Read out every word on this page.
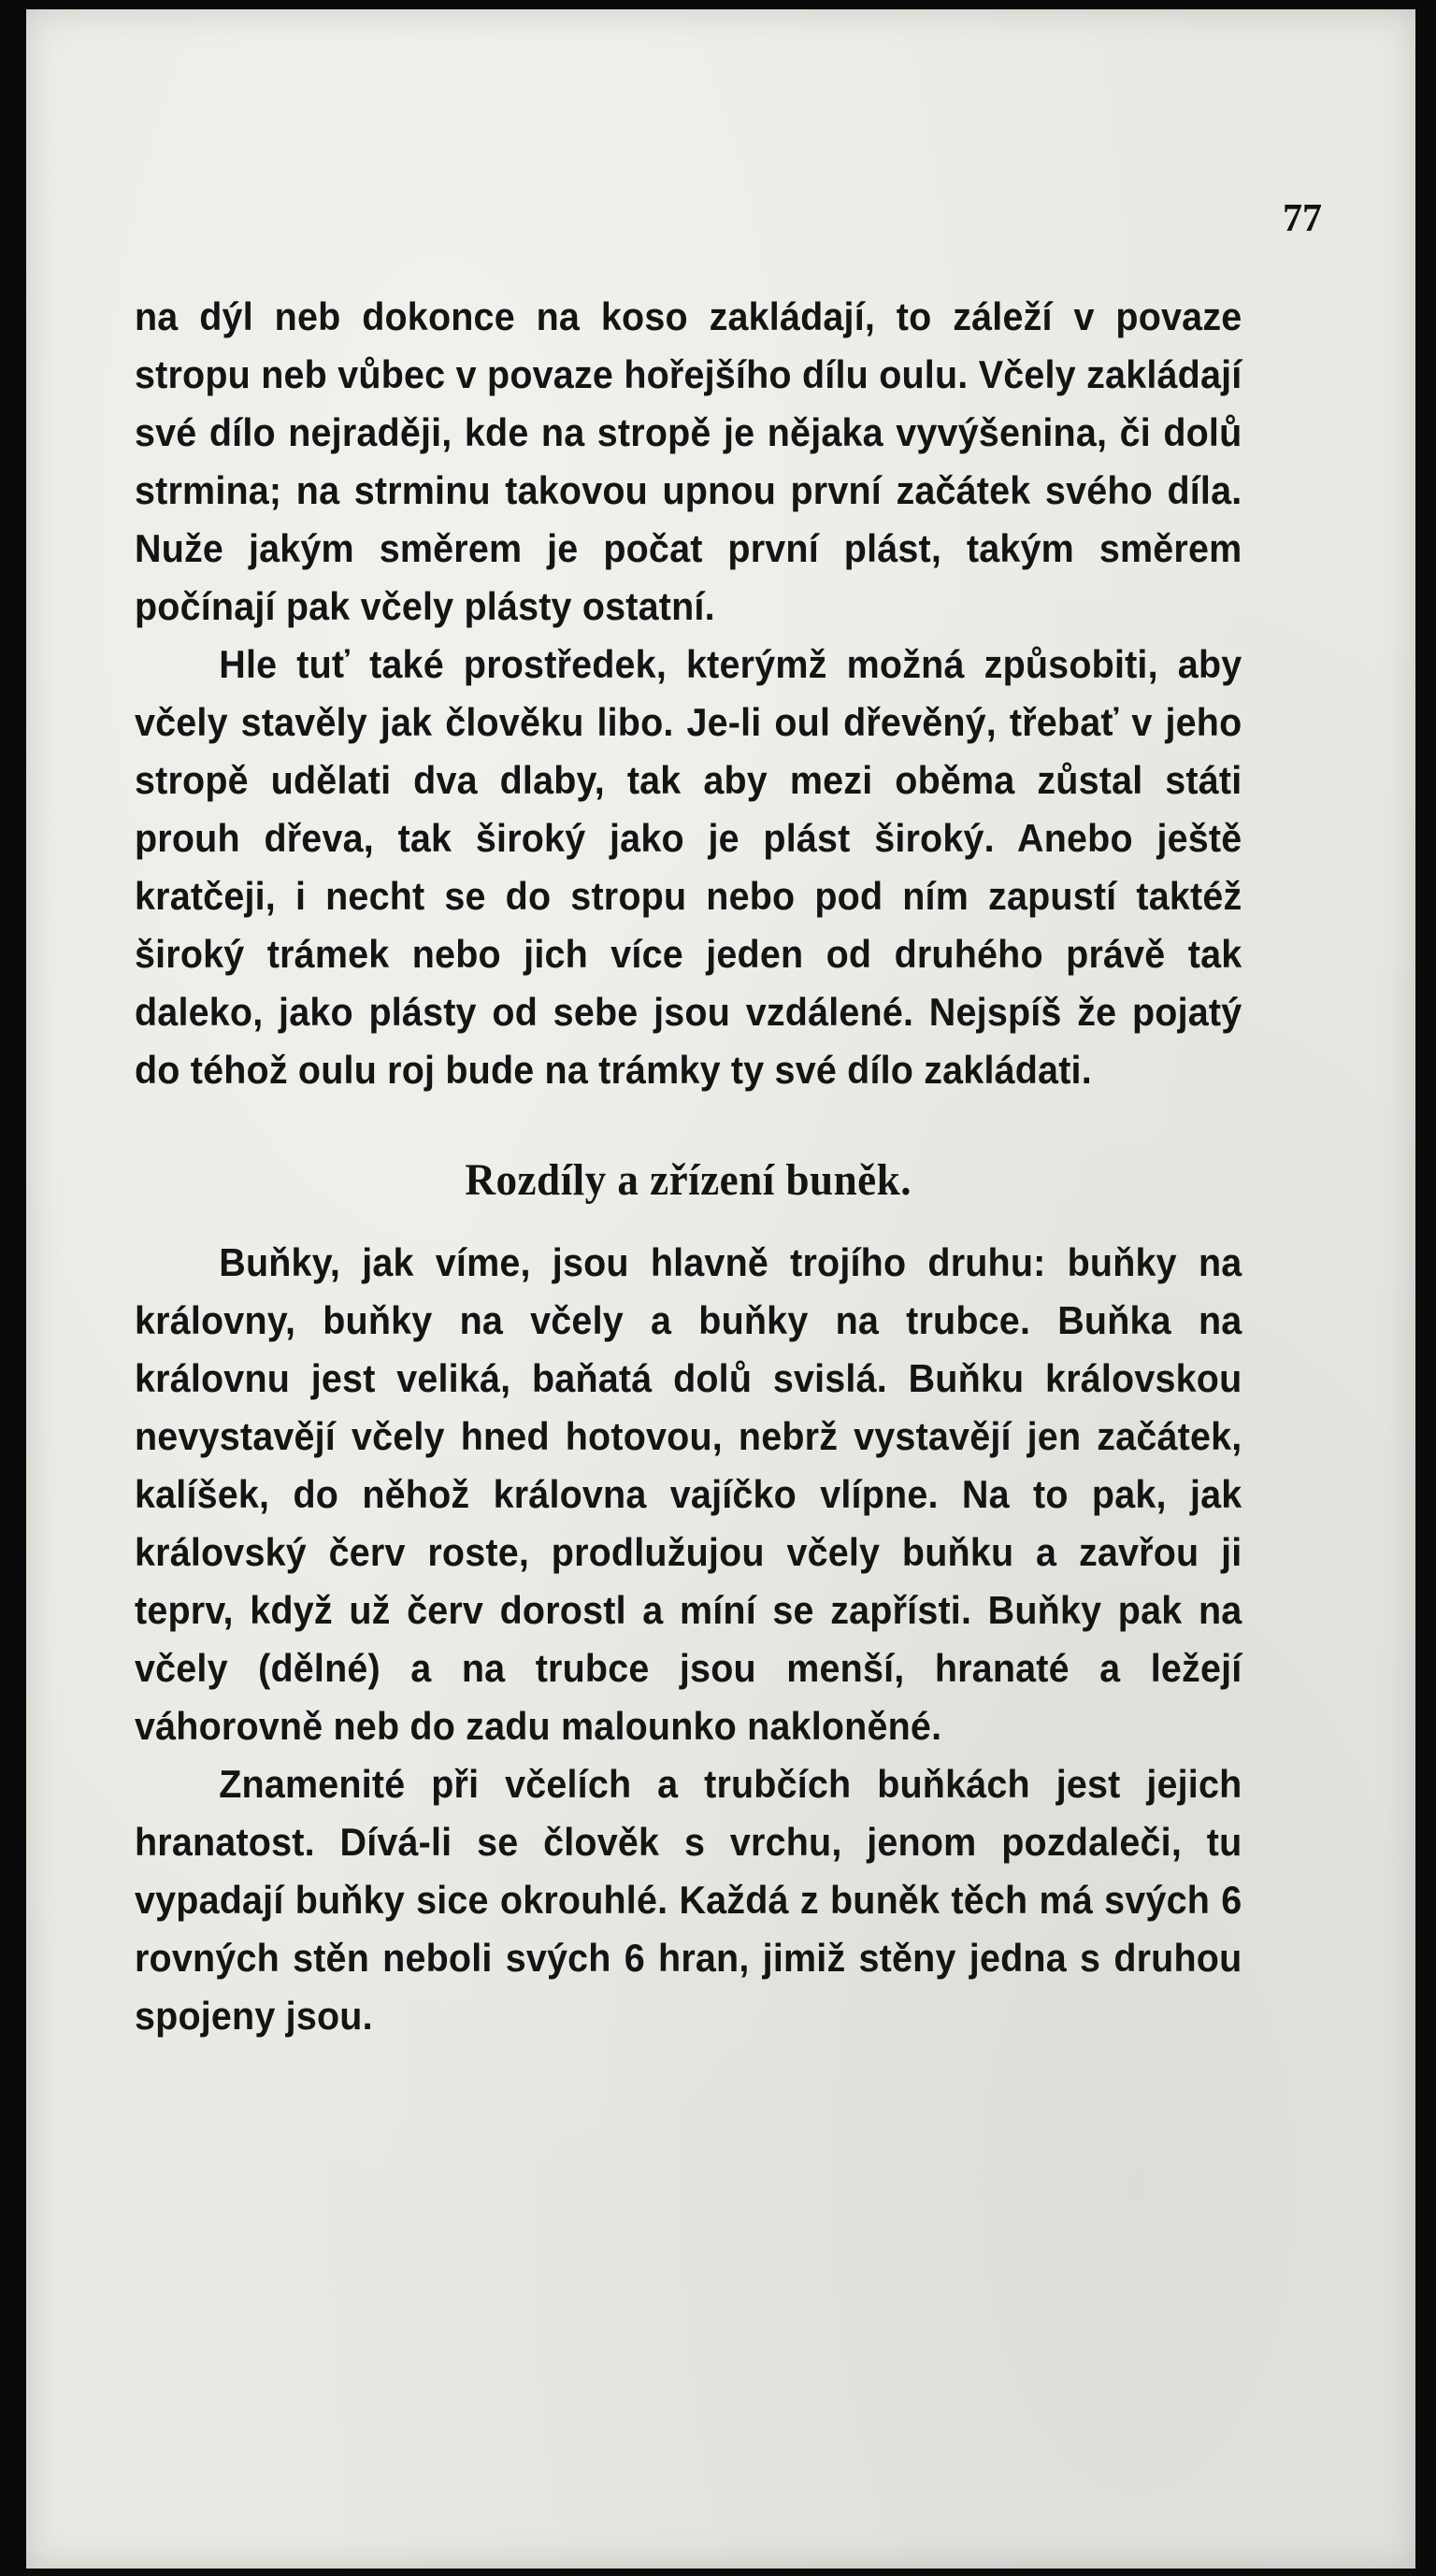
77

na dýl neb dokonce na koso zakládají, to záleží v povaze stropu neb vůbec v povaze hořejšího dílu oulu. Včely zakládají své dílo nejraději, kde na stropě je nějaka vyvýšenina, či dolů strmina; na strminu takovou upnou první začátek svého díla. Nuže jakým směrem je počat první plást, takým směrem počínají pak včely plásty ostatní.

Hle tuť také prostředek, kterýmž možná způsobiti, aby včely stavěly jak člověku libo. Je-li oul dřevěný, třebať v jeho stropě udělati dva dlaby, tak aby mezi oběma zůstal státi prouh dřeva, tak široký jako je plást široký. Anebo ještě kratčeji, i necht se do stropu nebo pod ním zapustí taktéž široký trámek nebo jich více jeden od druhého právě tak daleko, jako plásty od sebe jsou vzdálené. Nejspíš že pojatý do téhož oulu roj bude na trámky ty své dílo zakládati.

Rozdíly a zřízení buněk.

Buňky, jak víme, jsou hlavně trojího druhu: buňky na královny, buňky na včely a buňky na trubce. Buňka na královnu jest veliká, baňatá dolů svislá. Buňku královskou nevystavějí včely hned hotovou, nebrž vystavějí jen začátek, kalíšek, do něhož královna vajíčko vlípne. Na to pak, jak královský červ roste, prodlužujou včely buňku a zavřou ji teprv, když už červ dorostl a míní se zapřísti. Buňky pak na včely (dělné) a na trubce jsou menší, hranaté a ležejí váhorovně neb do zadu malounko nakloněné.

Znamenité při včelích a trubčích buňkách jest jejich hranatost. Dívá-li se člověk s vrchu, jenom pozdaleči, tu vypadají buňky sice okrouhlé. Každá z buněk těch má svých 6 rovných stěn neboli svých 6 hran, jimiž stěny jedna s druhou spojeny jsou.
